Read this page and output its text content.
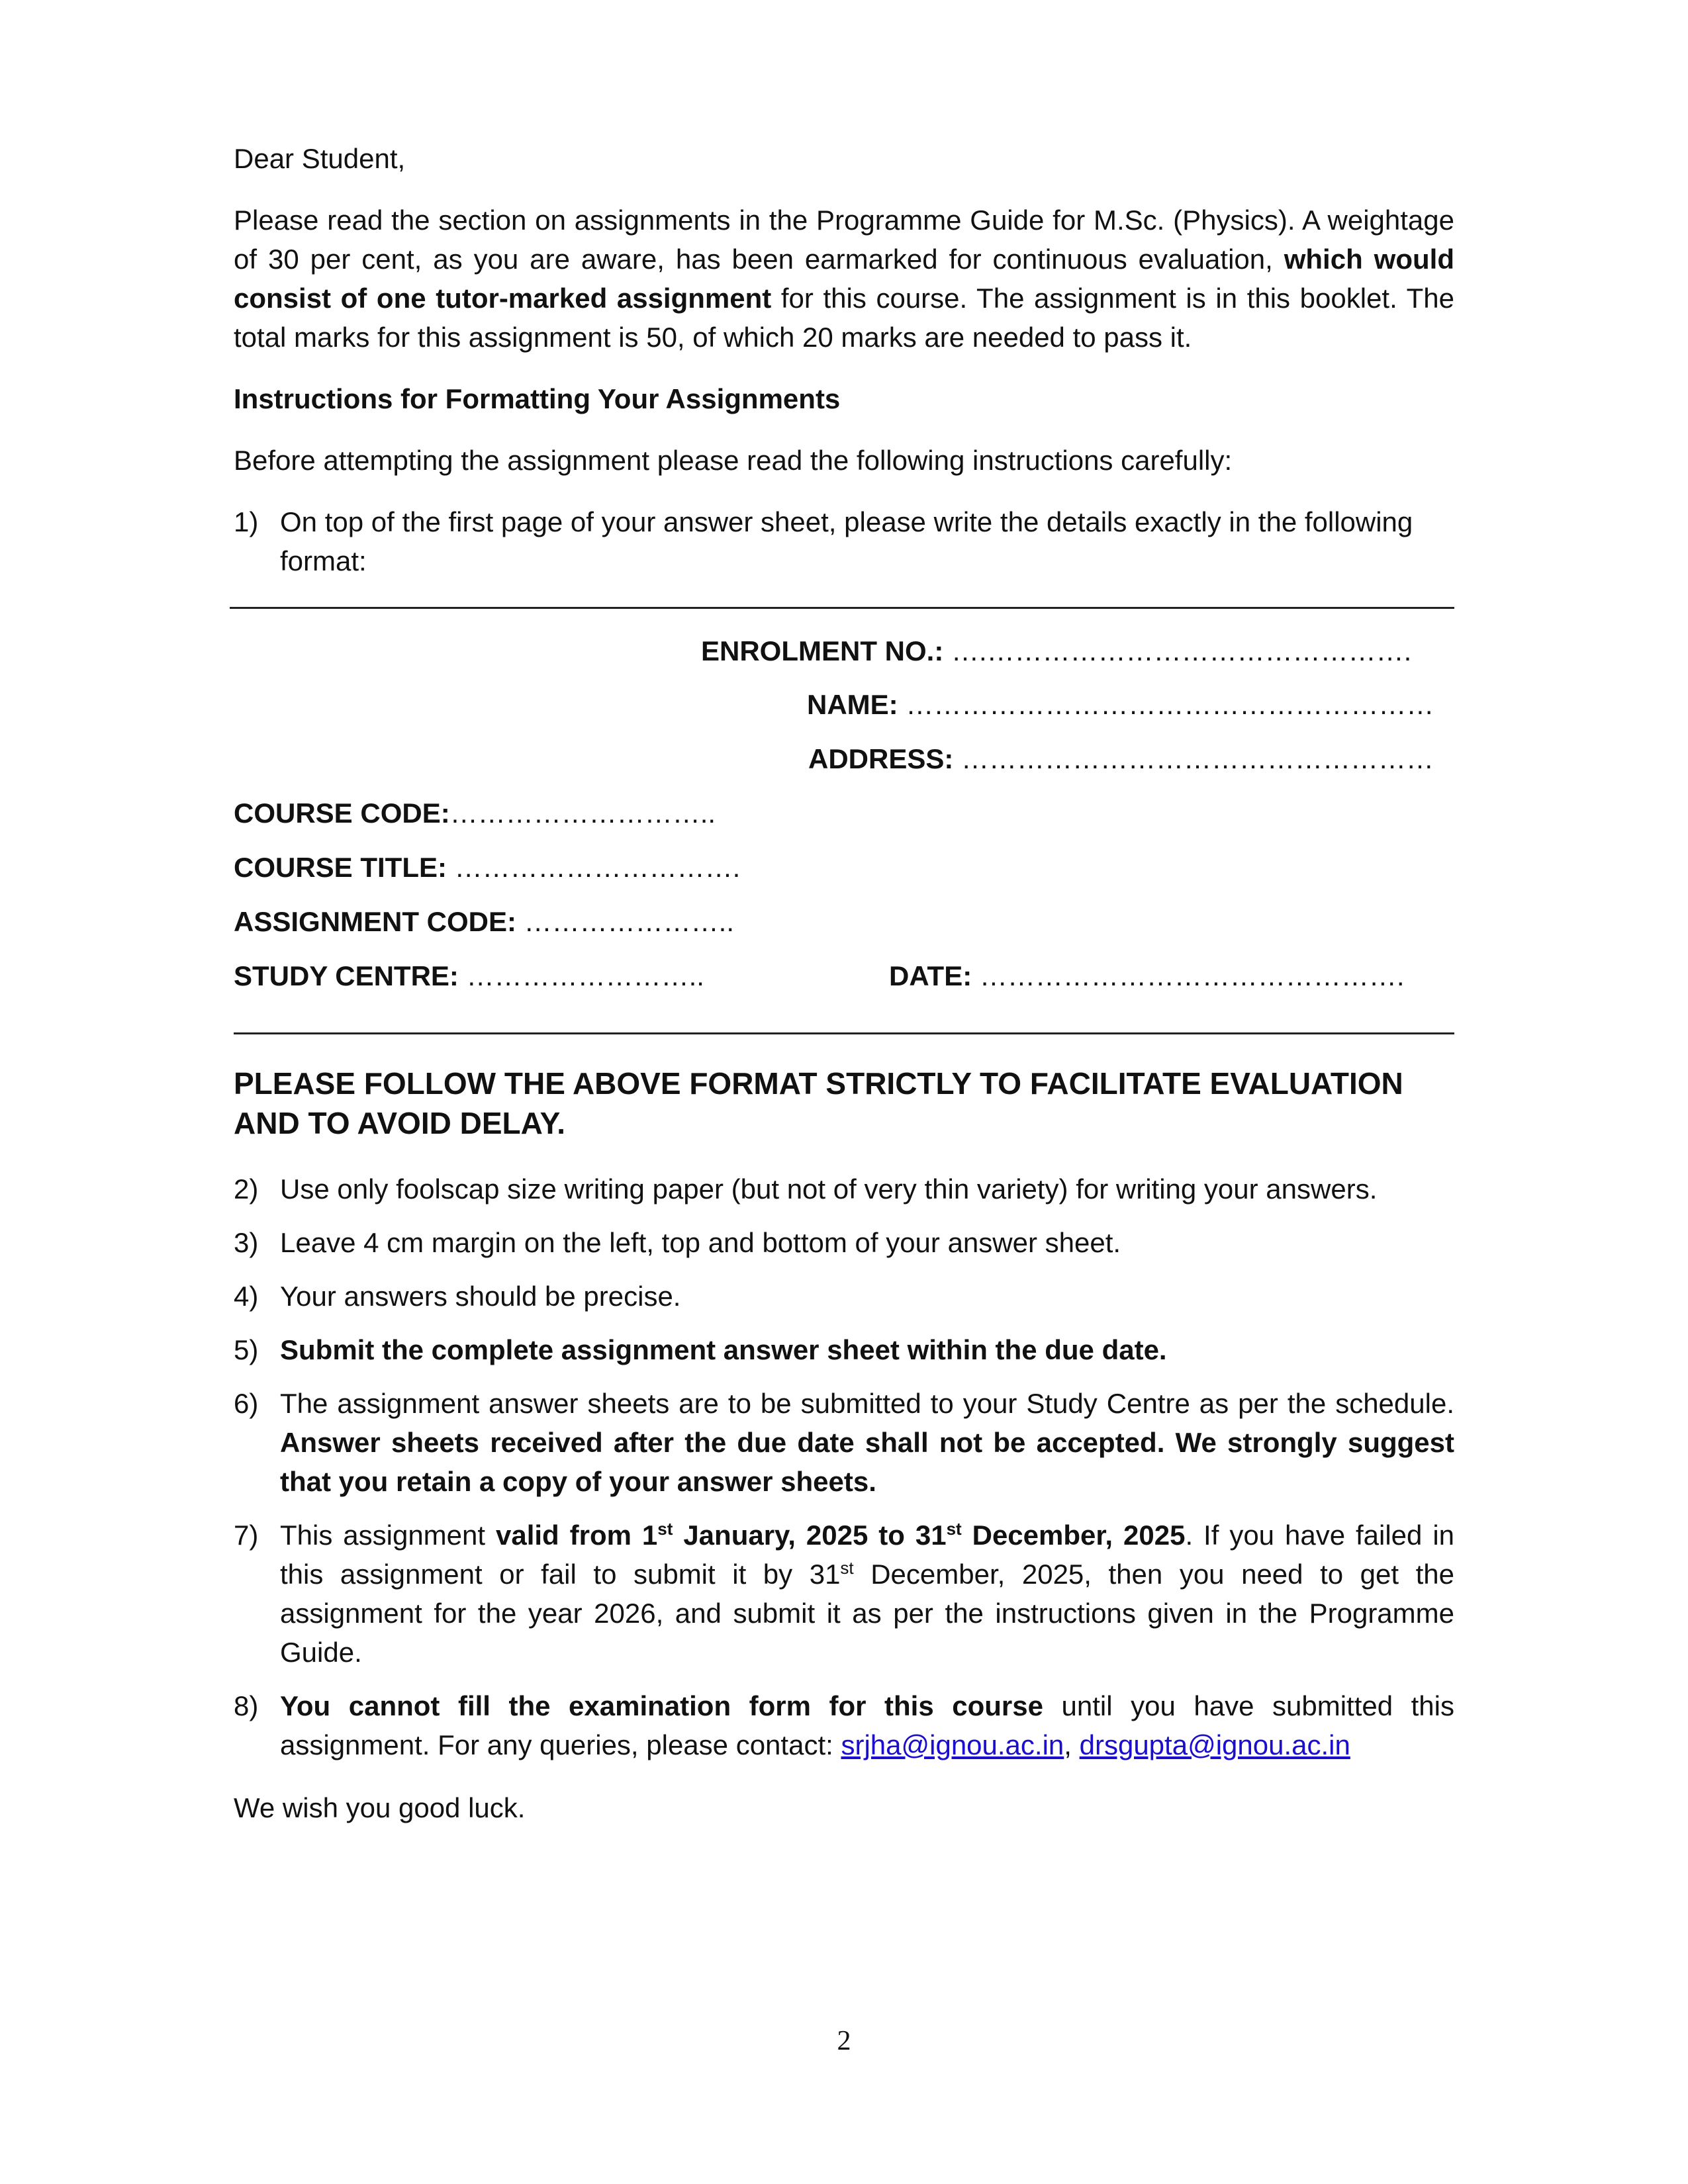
Dear Student,

Please read the section on assignments in the Programme Guide for M.Sc. (Physics). A weightage of 30 per cent, as you are aware, has been earmarked for continuous evaluation, which would consist of one tutor-marked assignment for this course. The assignment is in this booklet. The total marks for this assignment is 50, of which 20 marks are needed to pass it.

Instructions for Formatting Your Assignments

Before attempting the assignment please read the following instructions carefully:

1) On top of the first page of your answer sheet, please write the details exactly in the following format:
ENROLMENT NO.: ….……………………………………….
NAME: …………………………………………………
ADDRESS: ……………………………………………
COURSE CODE:………………………..
COURSE TITLE: ………………………….
ASSIGNMENT CODE: …………………..
STUDY CENTRE: ……………………..	DATE: ……………………………………….

PLEASE FOLLOW THE ABOVE FORMAT STRICTLY TO FACILITATE EVALUATION AND TO AVOID DELAY.

2) Use only foolscap size writing paper (but not of very thin variety) for writing your answers.
3) Leave 4 cm margin on the left, top and bottom of your answer sheet.
4) Your answers should be precise.
5) Submit the complete assignment answer sheet within the due date.
6) The assignment answer sheets are to be submitted to your Study Centre as per the schedule. Answer sheets received after the due date shall not be accepted. We strongly suggest that you retain a copy of your answer sheets.
7) This assignment valid from 1st January, 2025 to 31st December, 2025. If you have failed in this assignment or fail to submit it by 31st December, 2025, then you need to get the assignment for the year 2026, and submit it as per the instructions given in the Programme Guide.
8) You cannot fill the examination form for this course until you have submitted this assignment. For any queries, please contact: srjha@ignou.ac.in, drsgupta@ignou.ac.in

We wish you good luck.

2
